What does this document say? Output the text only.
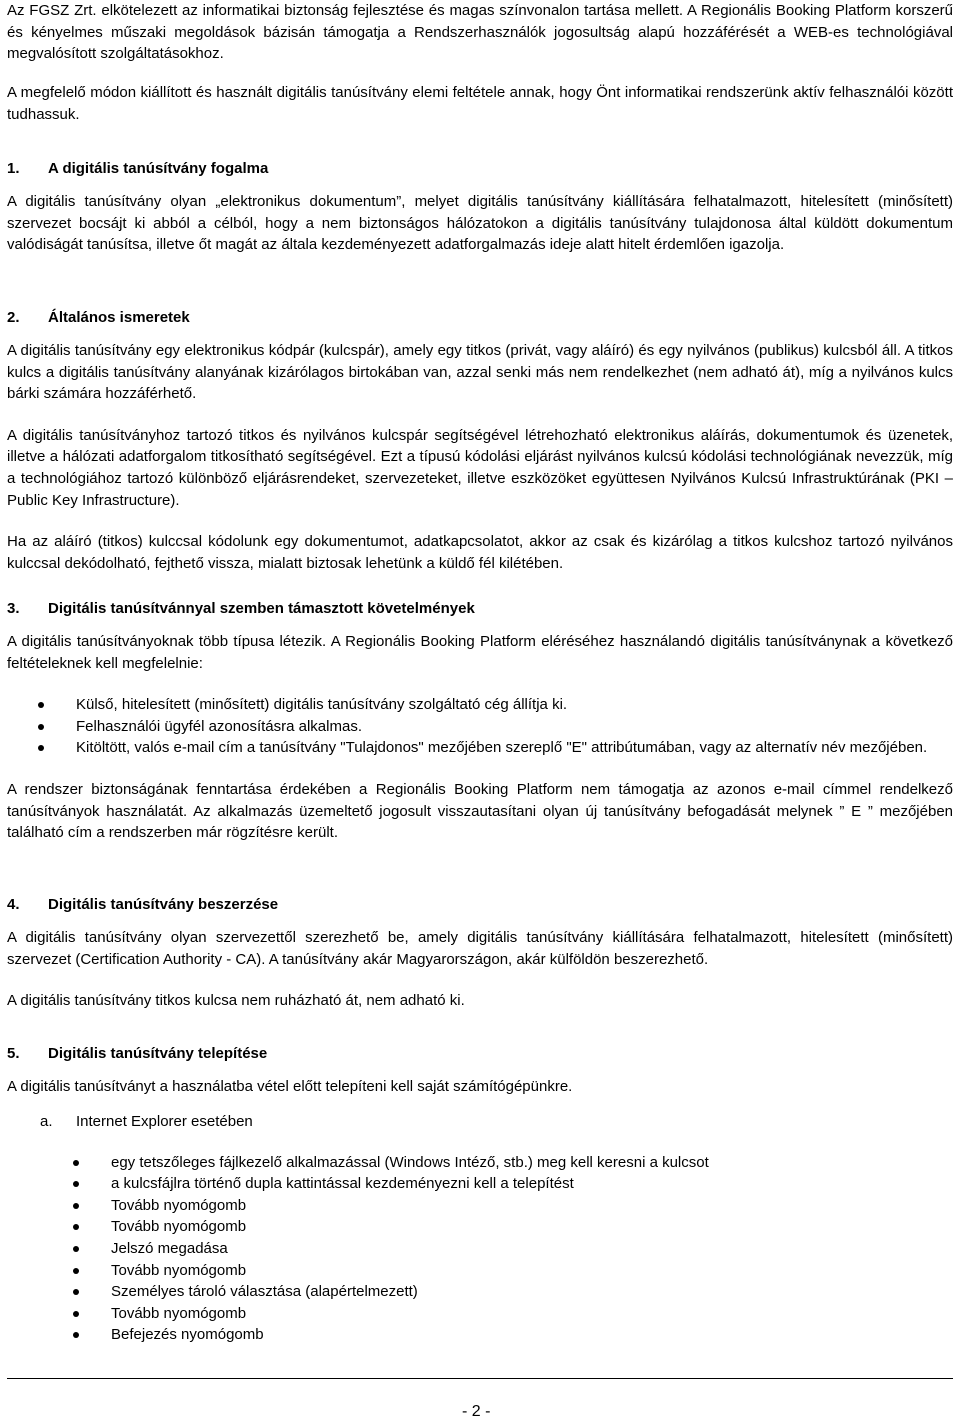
Az FGSZ Zrt. elkötelezett az informatikai biztonság fejlesztése és magas színvonalon tartása mellett. A Regionális Booking Platform korszerű és kényelmes műszaki megoldások bázisán támogatja a Rendszerhasználók jogosultság alapú hozzáférését a WEB-es technológiával megvalósított szolgáltatásokhoz.

A megfelelő módon kiállított és használt digitális tanúsítvány elemi feltétele annak, hogy Önt informatikai rendszerünk aktív felhasználói között tudhassuk.

1. A digitális tanúsítvány fogalma

A digitális tanúsítvány olyan „elektronikus dokumentum”, melyet digitális tanúsítvány kiállítására felhatalmazott, hitelesített (minősített) szervezet bocsájt ki abból a célból, hogy a nem biztonságos hálózatokon a digitális tanúsítvány tulajdonosa által küldött dokumentum valódiságát tanúsítsa, illetve őt magát az általa kezdeményezett adatforgalmazás ideje alatt hitelt érdemlően igazolja.

2. Általános ismeretek

A digitális tanúsítvány egy elektronikus kódpár (kulcspár), amely egy titkos (privát, vagy aláíró) és egy nyilvános (publikus) kulcsból áll. A titkos kulcs a digitális tanúsítvány alanyának kizárólagos birtokában van, azzal senki más nem rendelkezhet (nem adható át), míg a nyilvános kulcs bárki számára hozzáférhető.

A digitális tanúsítványhoz tartozó titkos és nyilvános kulcspár segítségével létrehozható elektronikus aláírás, dokumentumok és üzenetek, illetve a hálózati adatforgalom titkosítható segítségével. Ezt a típusú kódolási eljárást nyilvános kulcsú kódolási technológiának nevezzük, míg a technológiához tartozó különböző eljárásrendeket, szervezeteket, illetve eszközöket együttesen Nyilvános Kulcsú Infrastruktúrának (PKI – Public Key Infrastructure).

Ha az aláíró (titkos) kulccsal kódolunk egy dokumentumot, adatkapcsolatot, akkor az csak és kizárólag a titkos kulcshoz tartozó nyilvános kulccsal dekódolható, fejthető vissza, mialatt biztosak lehetünk a küldő fél kilétében.

3. Digitális tanúsítvánnyal szemben támasztott követelmények

A digitális tanúsítványoknak több típusa létezik. A Regionális Booking Platform eléréséhez használandó digitális tanúsítványnak a következő feltételeknek kell megfelelnie:

Külső, hitelesített (minősített) digitális tanúsítvány szolgáltató cég állítja ki.
Felhasználói ügyfél azonosításra alkalmas.
Kitöltött, valós e-mail cím a tanúsítvány "Tulajdonos" mezőjében szereplő "E" attribútumában, vagy az alternatív név mezőjében.

A rendszer biztonságának fenntartása érdekében a Regionális Booking Platform nem támogatja az azonos e-mail címmel rendelkező tanúsítványok használatát. Az alkalmazás üzemeltető jogosult visszautasítani olyan új tanúsítvány befogadását melynek ” E ” mezőjében található cím a rendszerben már rögzítésre került.

4. Digitális tanúsítvány beszerzése

A digitális tanúsítvány olyan szervezettől szerezhető be, amely digitális tanúsítvány kiállítására felhatalmazott, hitelesített (minősített) szervezet (Certification Authority - CA). A tanúsítvány akár Magyarországon, akár külföldön beszerezhető.

A digitális tanúsítvány titkos kulcsa nem ruházható át, nem adható ki.

5. Digitális tanúsítvány telepítése

A digitális tanúsítványt a használatba vétel előtt telepíteni kell saját számítógépünkre.

a. Internet Explorer esetében

egy tetszőleges fájlkezelő alkalmazással (Windows Intéző, stb.) meg kell keresni a kulcsot
a kulcsfájlra történő dupla kattintással kezdeményezni kell a telepítést
Tovább nyomógomb
Tovább nyomógomb
Jelszó megadása
Tovább nyomógomb
Személyes tároló választása (alapértelmezett)
Tovább nyomógomb
Befejezés nyomógomb
- 2 -
